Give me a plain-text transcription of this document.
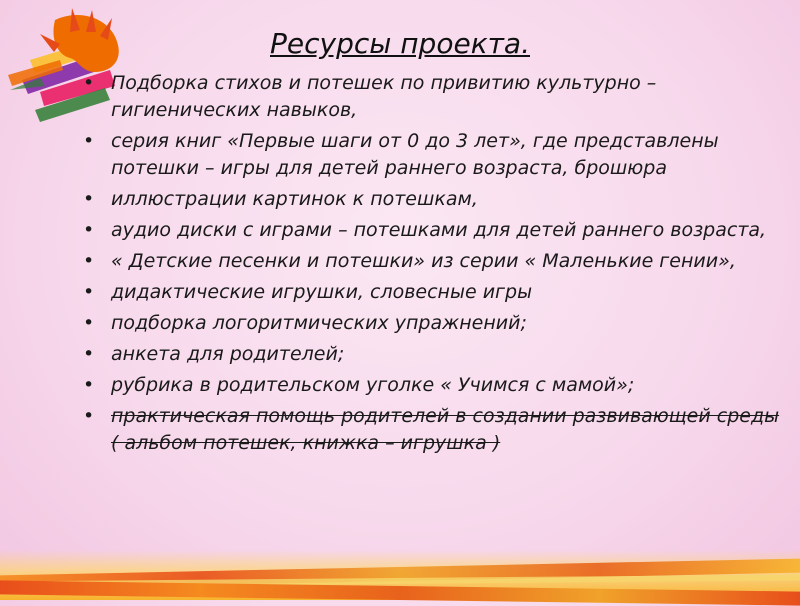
Ресурсы проекта.
• Подборка стихов и потешек по привитию культурно – гигиенических навыков,
• серия книг «Первые шаги от 0 до 3 лет», где представлены потешки – игры для детей раннего возраста, брошюра
• иллюстрации картинок к потешкам,
• аудио диски с играми – потешками для детей раннего возраста,
• « Детские песенки и потешки» из серии « Маленькие гении»,
• дидактические игрушки, словесные игры
• подборка логоритмических упражнений;
• анкета для родителей;
• рубрика в родительском уголке « Учимся с мамой»;
• практическая помощь родителей в создании развивающей среды ( альбом потешек, книжка – игрушка )
